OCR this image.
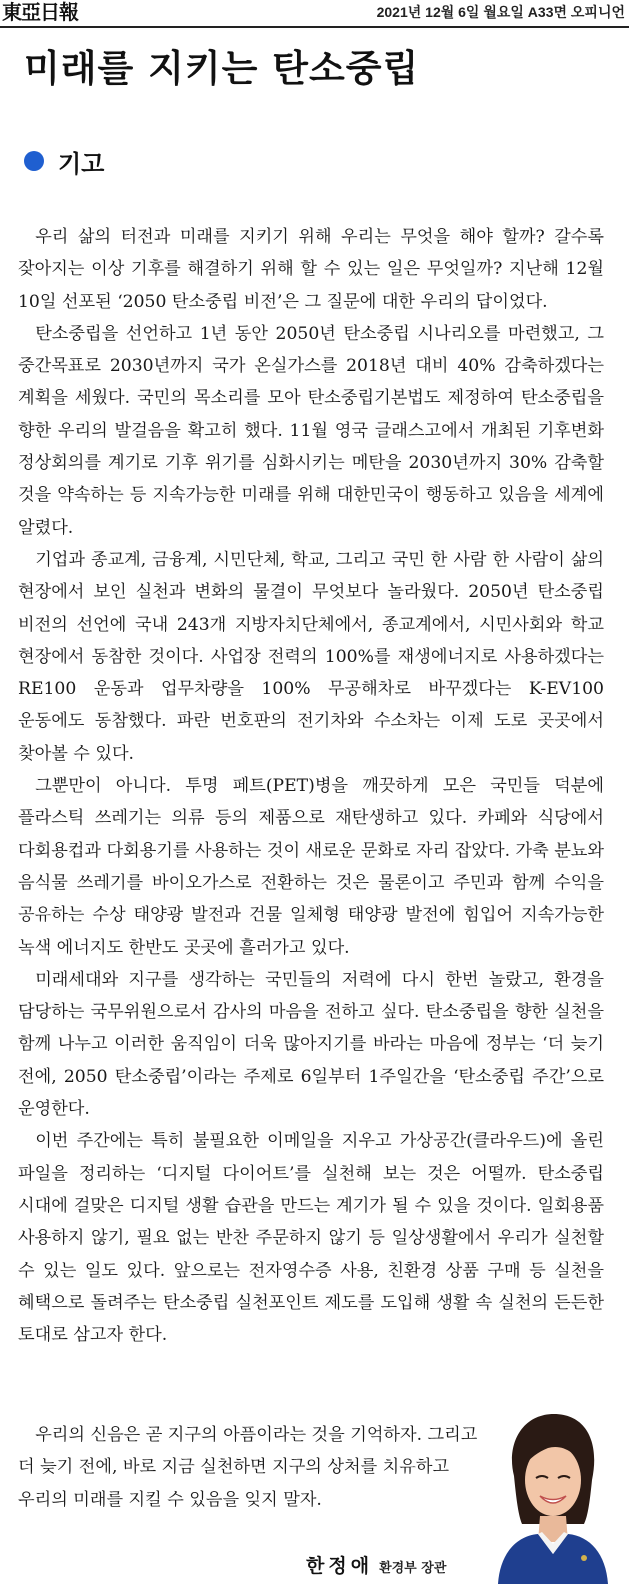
東亞日報	2021년 12월 6일 월요일 A33면 오피니언
미래를 지키는 탄소중립
기고

우리 삶의 터전과 미래를 지키기 위해 우리는 무엇을 해야 할까? 갈수록 잦아지는 이상 기후를 해결하기 위해 할 수 있는 일은 무엇일까? 지난해 12월 10일 선포된 ‘2050 탄소중립 비전’은 그 질문에 대한 우리의 답이었다.

탄소중립을 선언하고 1년 동안 2050년 탄소중립 시나리오를 마련했고, 그 중간목표로 2030년까지 국가 온실가스를 2018년 대비 40% 감축하겠다는 계획을 세웠다. 국민의 목소리를 모아 탄소중립기본법도 제정하여 탄소중립을 향한 우리의 발걸음을 확고히 했다. 11월 영국 글래스고에서 개최된 기후변화 정상회의를 계기로 기후 위기를 심화시키는 메탄을 2030년까지 30% 감축할 것을 약속하는 등 지속가능한 미래를 위해 대한민국이 행동하고 있음을 세계에 알렸다.

기업과 종교계, 금융계, 시민단체, 학교, 그리고 국민 한 사람 한 사람이 삶의 현장에서 보인 실천과 변화의 물결이 무엇보다 놀라웠다. 2050년 탄소중립 비전의 선언에 국내 243개 지방자치단체에서, 종교계에서, 시민사회와 학교 현장에서 동참한 것이다. 사업장 전력의 100%를 재생에너지로 사용하겠다는 RE100 운동과 업무차량을 100% 무공해차로 바꾸겠다는 K-EV100 운동에도 동참했다. 파란 번호판의 전기차와 수소차는 이제 도로 곳곳에서 찾아볼 수 있다.

그뿐만이 아니다. 투명 페트(PET)병을 깨끗하게 모은 국민들 덕분에 플라스틱 쓰레기는 의류 등의 제품으로 재탄생하고 있다. 카페와 식당에서 다회용컵과 다회용기를 사용하는 것이 새로운 문화로 자리 잡았다. 가축 분뇨와 음식물 쓰레기를 바이오가스로 전환하는 것은 물론이고 주민과 함께 수익을 공유하는 수상 태양광 발전과 건물 일체형 태양광 발전에 힘입어 지속가능한 녹색 에너지도 한반도 곳곳에 흘러가고 있다.

미래세대와 지구를 생각하는 국민들의 저력에 다시 한번 놀랐고, 환경을 담당하는 국무위원으로서 감사의 마음을 전하고 싶다. 탄소중립을 향한 실천을 함께 나누고 이러한 움직임이 더욱 많아지기를 바라는 마음에 정부는 ‘더 늦기 전에, 2050 탄소중립’이라는 주제로 6일부터 1주일간을 ‘탄소중립 주간’으로 운영한다.

이번 주간에는 특히 불필요한 이메일을 지우고 가상공간(클라우드)에 올린 파일을 정리하는 ‘디지털 다이어트’를 실천해 보는 것은 어떨까. 탄소중립 시대에 걸맞은 디지털 생활 습관을 만드는 계기가 될 수 있을 것이다. 일회용품 사용하지 않기, 필요 없는 반찬 주문하지 않기 등 일상생활에서 우리가 실천할 수 있는 일도 있다. 앞으로는 전자영수증 사용, 친환경 상품 구매 등 실천을 혜택으로 돌려주는 탄소중립 실천포인트 제도를 도입해 생활 속 실천의 든든한 토대로 삼고자 한다.

우리의 신음은 곧 지구의 아픔이라는 것을 기억하자. 그리고 더 늦기 전에, 바로 지금 실천하면 지구의 상처를 치유하고 우리의 미래를 지킬 수 있음을 잊지 말자.

한정애 환경부 장관
